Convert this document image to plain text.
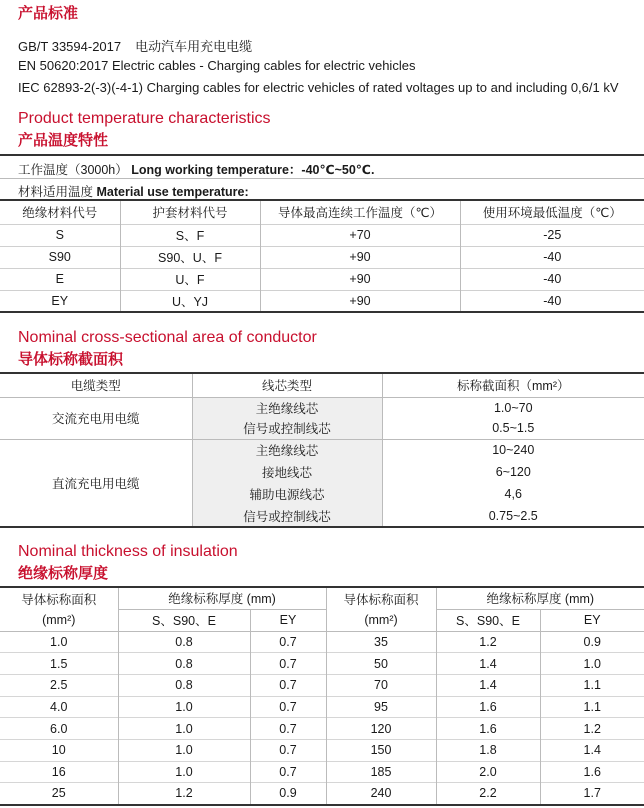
产品标准
GB/T 33594-2017 电动汽车用充电电缆
EN 50620:2017 Electric cables - Charging cables for electric vehicles
IEC 62893-2(-3)(-4-1) Charging cables for electric vehicles of rated voltages up to and including 0,6/1 kV
Product temperature characteristics
产品温度特性
工作温度（3000h） Long working temperature：-40℃~50℃.
材料适用温度 Material use temperature:
绝缘材料代号	护套材料代号	导体最高连续工作温度（℃）	使用环境最低温度（℃）
S	S、F	+70	-25
S90	S90、U、F	+90	-40
E	U、F	+90	-40
EY	U、YJ	+90	-40
Nominal cross-sectional area of conductor
导体标称截面积
电缆类型	线芯类型	标称截面积（mm²）
交流充电用电缆	主绝缘线芯	1.0~70
	信号或控制线芯	0.5~1.5
直流充电用电缆	主绝缘线芯	10~240
	接地线芯	6~120
	辅助电源线芯	4,6
	信号或控制线芯	0.75~2.5
Nominal thickness of insulation
绝缘标称厚度
导体标称面积	绝缘标称厚度 (mm)		导体标称面积	绝缘标称厚度 (mm)	
(mm²)	S、S90、E	EY	(mm²)	S、S90、E	EY
1.0	0.8	0.7	35	1.2	0.9
1.5	0.8	0.7	50	1.4	1.0
2.5	0.8	0.7	70	1.4	1.1
4.0	1.0	0.7	95	1.6	1.1
6.0	1.0	0.7	120	1.6	1.2
10	1.0	0.7	150	1.8	1.4
16	1.0	0.7	185	2.0	1.6
25	1.2	0.9	240	2.2	1.7
